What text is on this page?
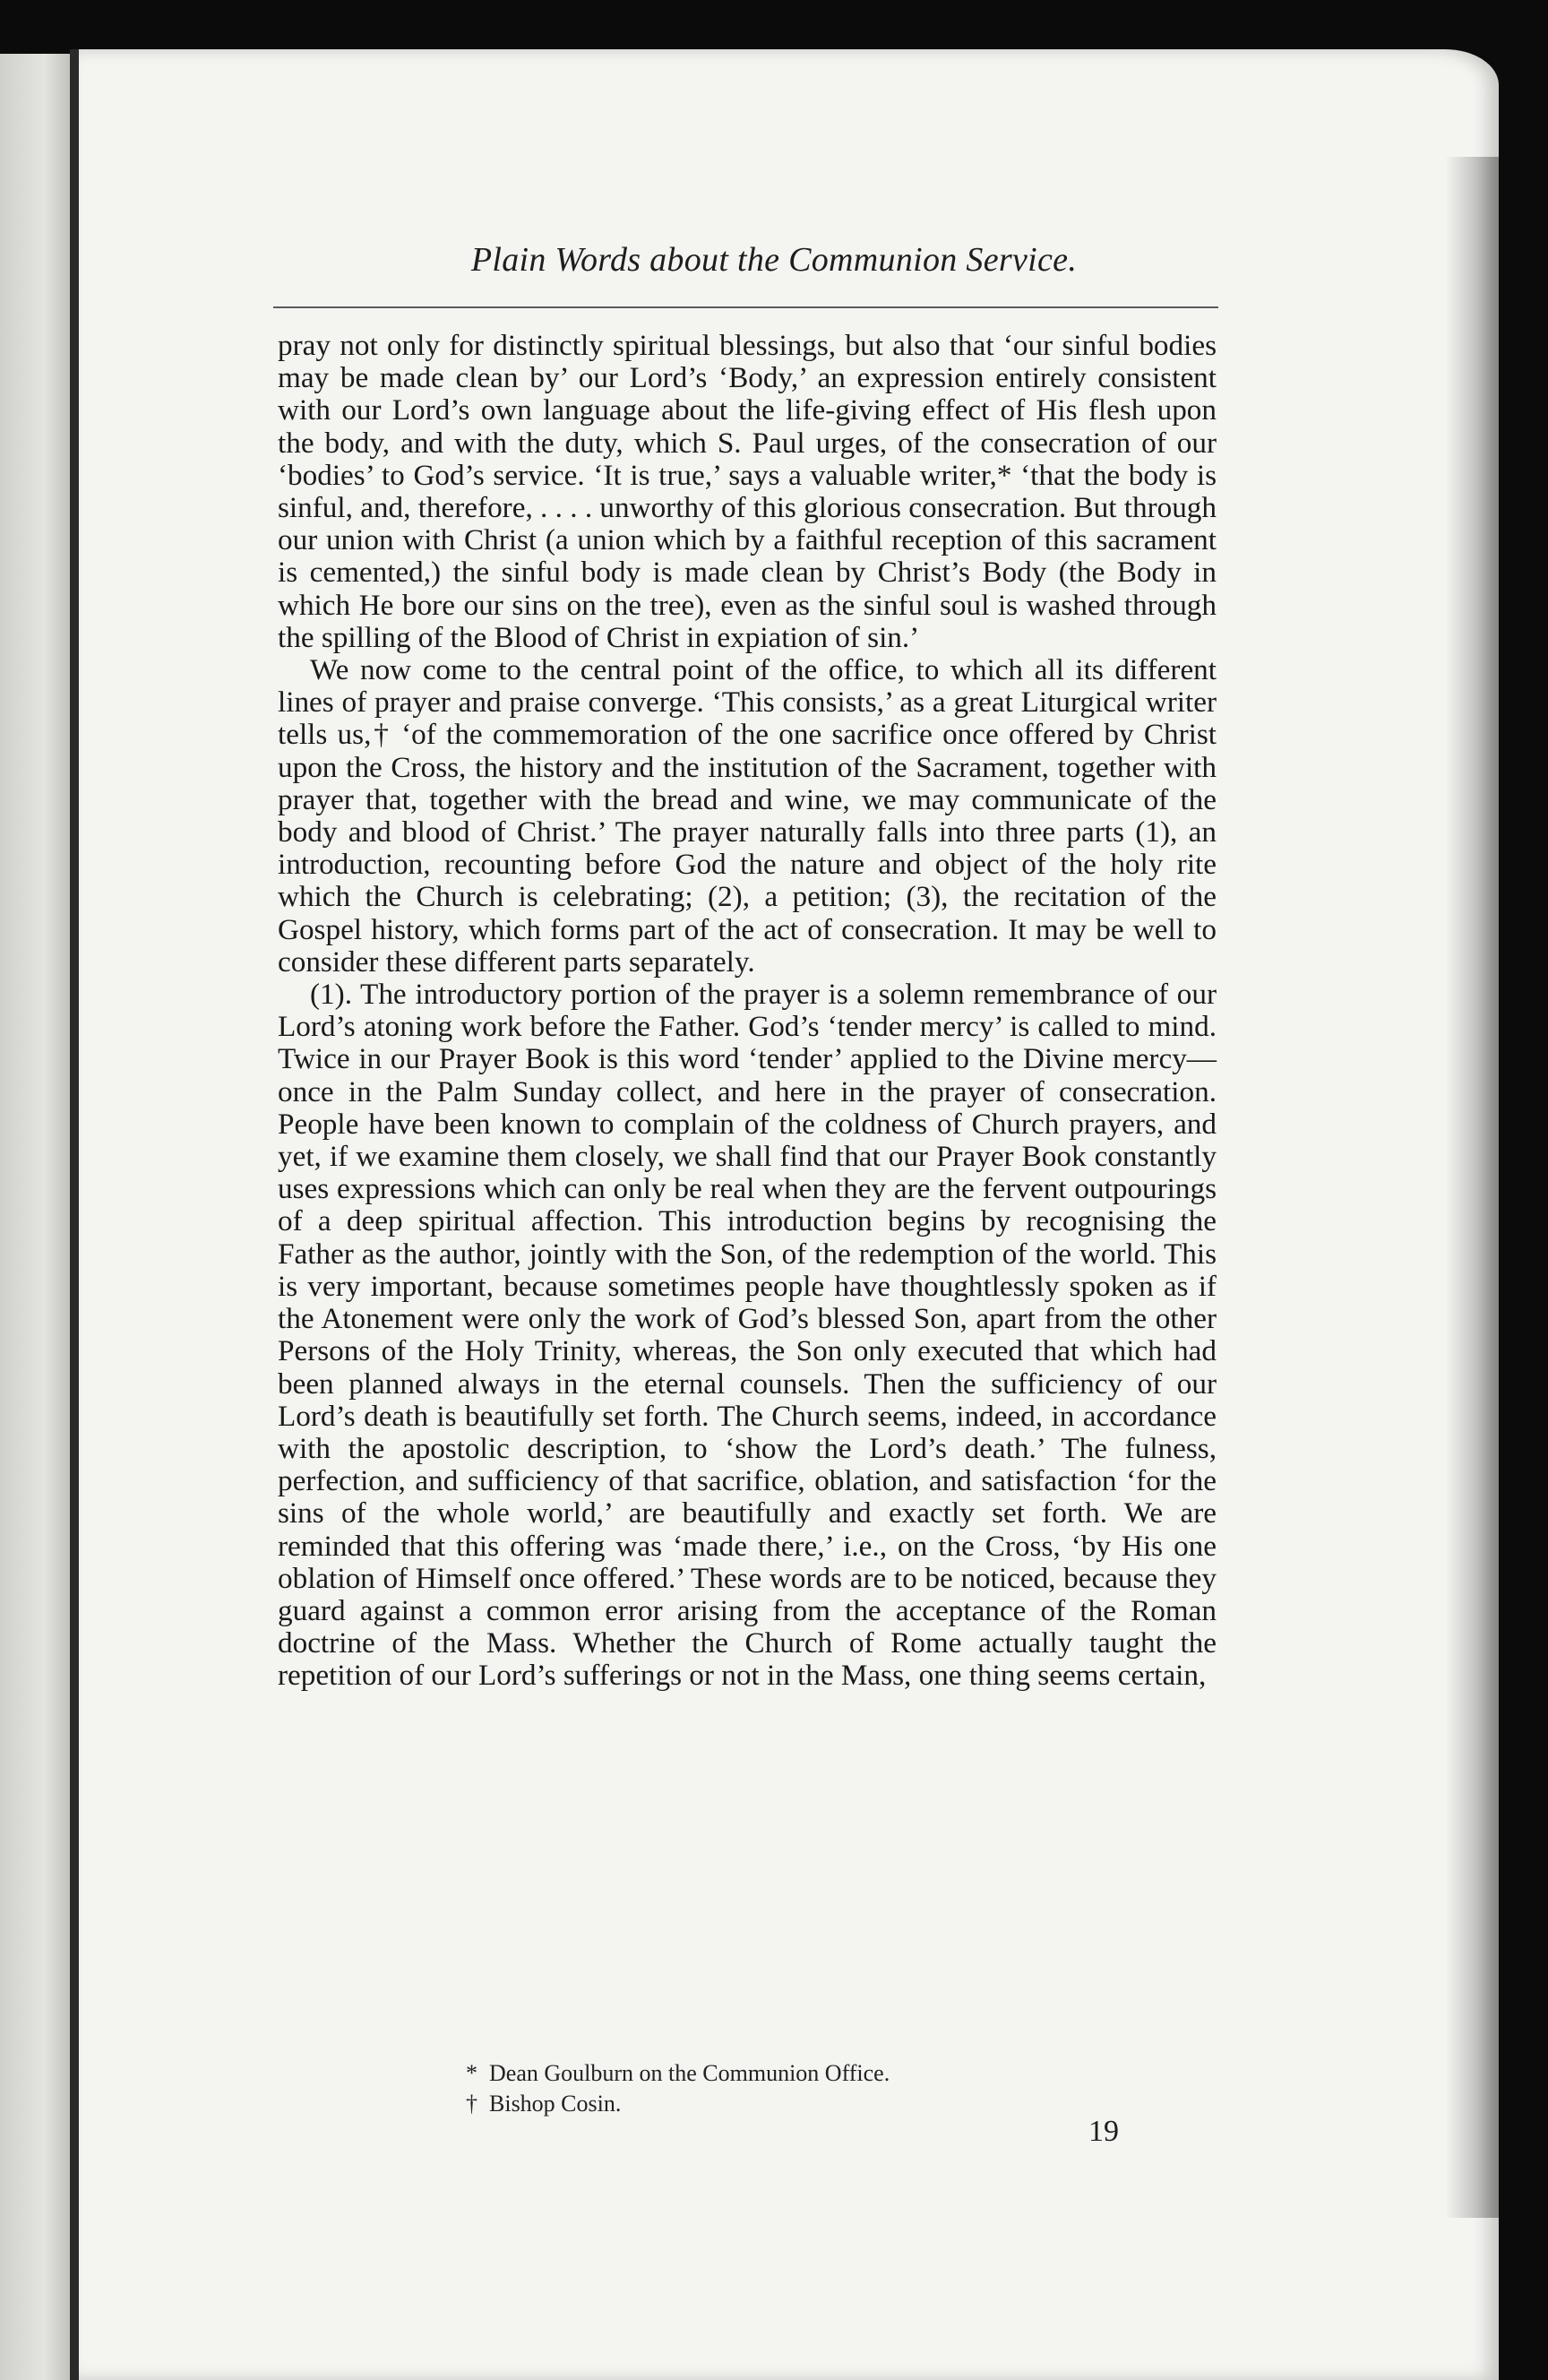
Plain Words about the Communion Service.

pray not only for distinctly spiritual blessings, but also that ‘our sinful bodies may be made clean by’ our Lord’s ‘Body,’ an expression entirely consistent with our Lord’s own language about the life-giving effect of His flesh upon the body, and with the duty, which S. Paul urges, of the consecration of our ‘bodies’ to God’s service. ‘It is true,’ says a valuable writer,* ‘that the body is sinful, and, therefore, . . . . unworthy of this glorious consecration. But through our union with Christ (a union which by a faithful reception of this sacrament is cemented,) the sinful body is made clean by Christ’s Body (the Body in which He bore our sins on the tree), even as the sinful soul is washed through the spilling of the Blood of Christ in expiation of sin.’

We now come to the central point of the office, to which all its different lines of prayer and praise converge. ‘This consists,’ as a great Liturgical writer tells us,† ‘of the commemoration of the one sacrifice once offered by Christ upon the Cross, the history and the institution of the Sacrament, together with prayer that, together with the bread and wine, we may communicate of the body and blood of Christ.’ The prayer naturally falls into three parts (1), an introduction, recounting before God the nature and object of the holy rite which the Church is celebrating; (2), a petition; (3), the recitation of the Gospel history, which forms part of the act of consecration. It may be well to consider these different parts separately.

(1). The introductory portion of the prayer is a solemn remembrance of our Lord’s atoning work before the Father. God’s ‘tender mercy’ is called to mind. Twice in our Prayer Book is this word ‘tender’ applied to the Divine mercy—once in the Palm Sunday collect, and here in the prayer of consecration. People have been known to complain of the coldness of Church prayers, and yet, if we examine them closely, we shall find that our Prayer Book constantly uses expressions which can only be real when they are the fervent outpourings of a deep spiritual affection. This introduction begins by recognising the Father as the author, jointly with the Son, of the redemption of the world. This is very important, because sometimes people have thoughtlessly spoken as if the Atonement were only the work of God’s blessed Son, apart from the other Persons of the Holy Trinity, whereas, the Son only executed that which had been planned always in the eternal counsels. Then the sufficiency of our Lord’s death is beautifully set forth. The Church seems, indeed, in accordance with the apostolic description, to ‘show the Lord’s death.’ The fulness, perfection, and sufficiency of that sacrifice, oblation, and satisfaction ‘for the sins of the whole world,’ are beautifully and exactly set forth. We are reminded that this offering was ‘made there,’ i.e., on the Cross, ‘by His one oblation of Himself once offered.’ These words are to be noticed, because they guard against a common error arising from the acceptance of the Roman doctrine of the Mass. Whether the Church of Rome actually taught the repetition of our Lord’s sufferings or not in the Mass, one thing seems certain,

* Dean Goulburn on the Communion Office.
† Bishop Cosin.
19
